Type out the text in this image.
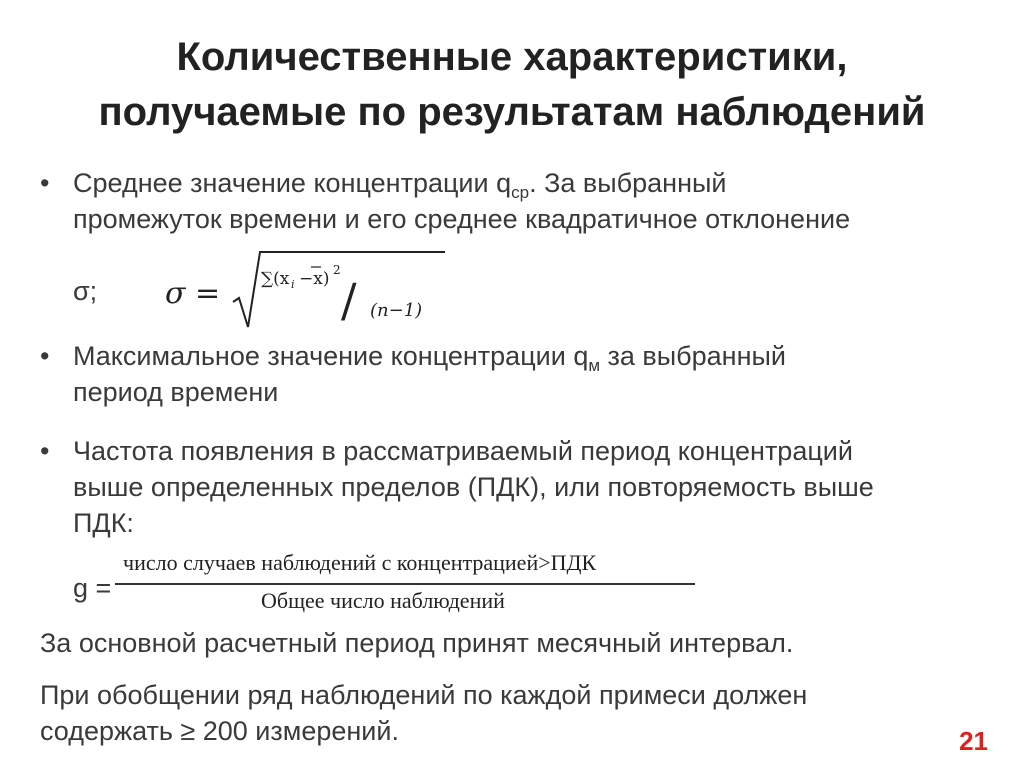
Количественные характеристики,
получаемые по результатам наблюдений
• Среднее значение концентрации $q_{ср}$. За выбранный
промежуток времени и его среднее квадратичное отклонение
σ; σ = ∑(x i −x) 2
/ (n−1)
• Максимальное значение концентрации $q_м$ за выбранный
период времени
• Частота появления в рассматриваемый период концентраций
выше определенных пределов (ПДК), или повторяемость выше
ПДК:
g =
число случаев наблюдений с концентрацией>ПДК
Общее число наблюдений
За основной расчетный период принят месячный интервал.
При обобщении ряд наблюдений по каждой примеси должен
содержать ≥ 200 измерений.	21
